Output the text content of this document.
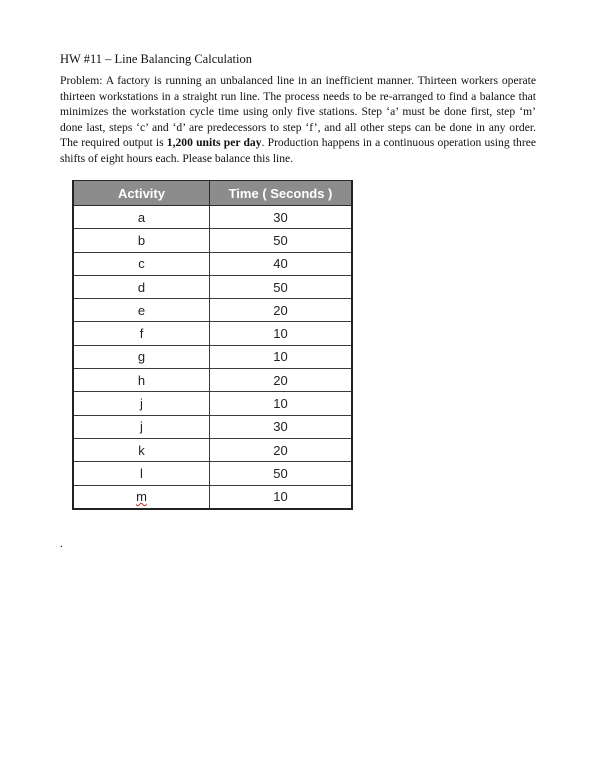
HW #11 – Line Balancing Calculation
Problem: A factory is running an unbalanced line in an inefficient manner. Thirteen workers operate thirteen workstations in a straight run line. The process needs to be re-arranged to find a balance that minimizes the workstation cycle time using only five stations. Step ‘a’ must be done first, step ‘m’ done last, steps ‘c’ and ‘d’ are predecessors to step ‘f’, and all other steps can be done in any order. The required output is 1,200 units per day. Production happens in a continuous operation using three shifts of eight hours each. Please balance this line.
Activity	Time ( Seconds )
a	30
b	50
c	40
d	50
e	20
f	10
g	10
h	20
j	10
j	30
k	20
l	50
m	10
.
